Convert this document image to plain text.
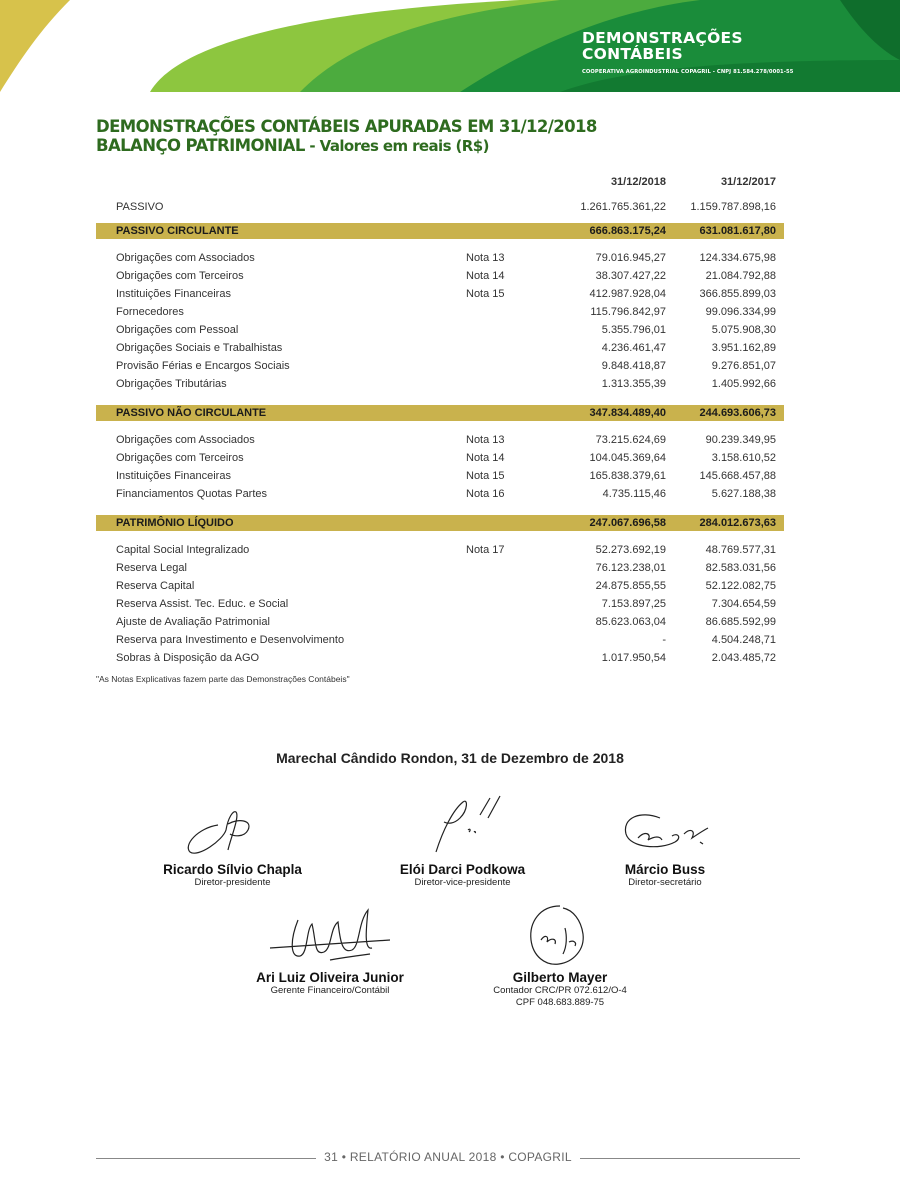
DEMONSTRAÇÕES
CONTÁBEIS
COOPERATIVA AGROINDUSTRIAL COPAGRIL - CNPJ 81.584.278/0001-55
DEMONSTRAÇÕES CONTÁBEIS APURADAS EM 31/12/2018
BALANÇO PATRIMONIAL - Valores em reais (R$)
31/12/2018	31/12/2017
PASSIVO	1.261.765.361,22 1.159.787.898,16
PASSIVO CIRCULANTE	666.863.175,24	631.081.617,80
Obrigações com Associados	Nota 13	79.016.945,27	124.334.675,98
Obrigações com Terceiros	Nota 14	38.307.427,22	21.084.792,88
Instituições Financeiras	Nota 15	412.987.928,04	366.855.899,03
Fornecedores	115.796.842,97	99.096.334,99
Obrigações com Pessoal	5.355.796,01	5.075.908,30
Obrigações Sociais e Trabalhistas	4.236.461,47	3.951.162,89
Provisão Férias e Encargos Sociais	9.848.418,87	9.276.851,07
Obrigações Tributárias	1.313.355,39	1.405.992,66
PASSIVO NÃO CIRCULANTE	347.834.489,40	244.693.606,73
Obrigações com Associados	Nota 13	73.215.624,69	90.239.349,95
Obrigações com Terceiros	Nota 14	104.045.369,64	3.158.610,52
Instituições Financeiras	Nota 15	165.838.379,61	145.668.457,88
Financiamentos Quotas Partes	Nota 16	4.735.115,46	5.627.188,38
PATRIMÔNIO LÍQUIDO	247.067.696,58	284.012.673,63
Capital Social Integralizado	Nota 17	52.273.692,19	48.769.577,31
Reserva Legal	76.123.238,01	82.583.031,56
Reserva Capital	24.875.855,55	52.122.082,75
Reserva Assist. Tec. Educ. e Social	7.153.897,25	7.304.654,59
Ajuste de Avaliação Patrimonial	85.623.063,04	86.685.592,99
Reserva para Investimento e Desenvolvimento	-	4.504.248,71
Sobras à Disposição da AGO	1.017.950,54	2.043.485,72
"As Notas Explicativas fazem parte das Demonstrações Contábeis"
Marechal Cândido Rondon, 31 de Dezembro de 2018
Ricardo Sílvio Chapla
Diretor-presidente
Elói Darci Podkowa
Diretor-vice-presidente
Márcio Buss
Diretor-secretário
Ari Luiz Oliveira Junior
Gerente Financeiro/Contábil
Gilberto Mayer
Contador CRC/PR 072.612/O-4
CPF 048.683.889-75
31 • RELATÓRIO ANUAL 2018 • COPAGRIL
